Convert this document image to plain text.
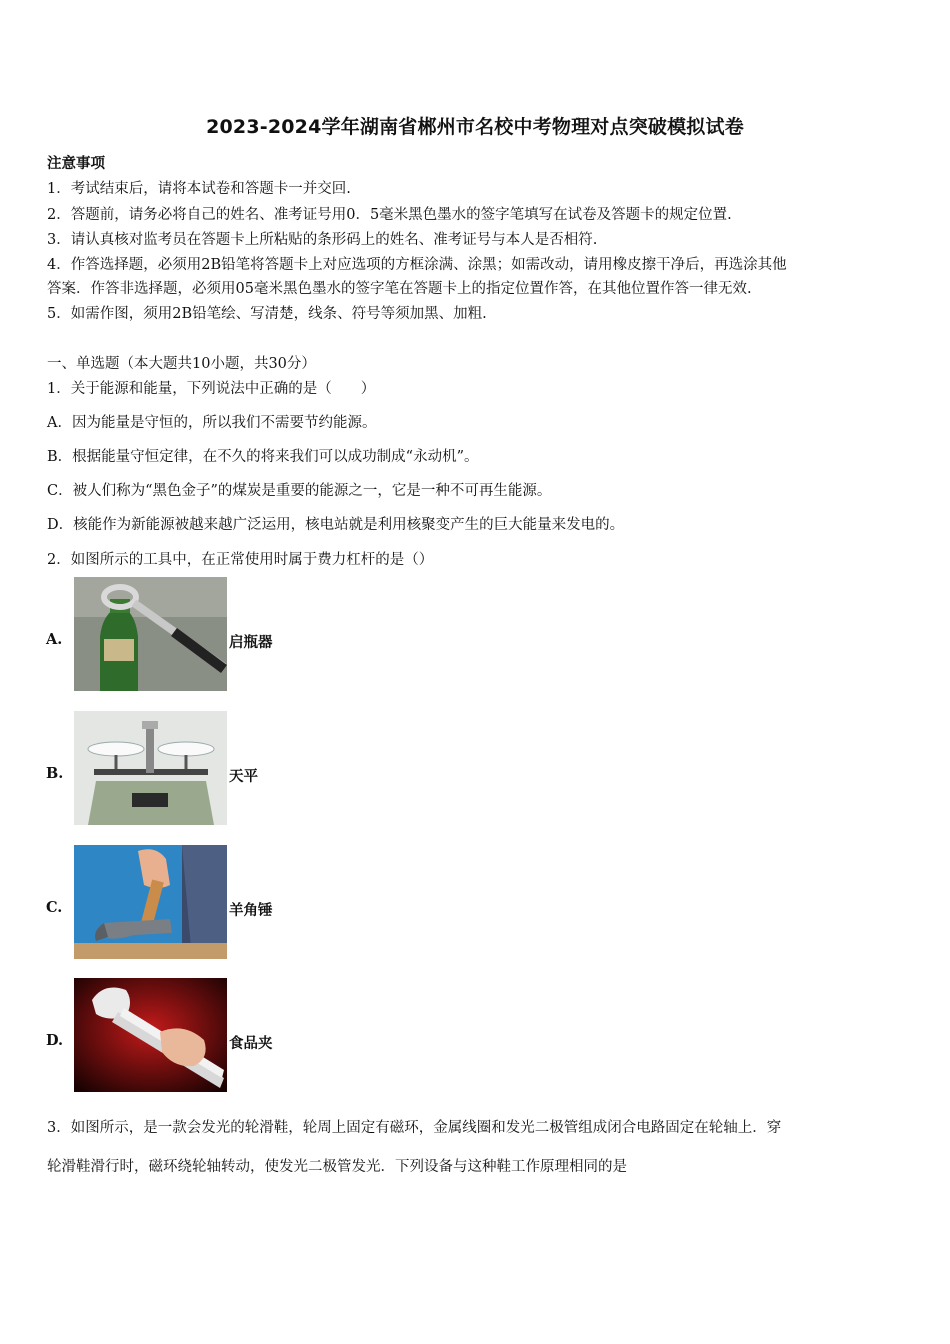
2023-2024学年湖南省郴州市名校中考物理对点突破模拟试卷
注意事项
1．考试结束后，请将本试卷和答题卡一并交回.
2．答题前，请务必将自己的姓名、准考证号用0．5毫米黑色墨水的签字笔填写在试卷及答题卡的规定位置.
3．请认真核对监考员在答题卡上所粘贴的条形码上的姓名、准考证号与本人是否相符.
4．作答选择题，必须用2B铅笔将答题卡上对应选项的方框涂满、涂黑；如需改动，请用橡皮擦干净后，再选涂其他
答案．作答非选择题，必须用05毫米黑色墨水的签字笔在答题卡上的指定位置作答，在其他位置作答一律无效.
5．如需作图，须用2B铅笔绘、写清楚，线条、符号等须加黑、加粗.
一、单选题（本大题共10小题，共30分）
1．关于能源和能量，下列说法中正确的是（　　）
A．因为能量是守恒的，所以我们不需要节约能源。
B．根据能量守恒定律，在不久的将来我们可以成功制成“永动机”。
C．被人们称为“黑色金子”的煤炭是重要的能源之一，它是一种不可再生能源。
D．核能作为新能源被越来越广泛运用，核电站就是利用核聚变产生的巨大能量来发电的。
2．如图所示的工具中，在正常使用时属于费力杠杆的是（）
A.	启瓶器
B.	天平
C.	羊角锤
D.	食品夹
3．如图所示，是一款会发光的轮滑鞋，轮周上固定有磁环，金属线圈和发光二极管组成闭合电路固定在轮轴上．穿
轮滑鞋滑行时，磁环绕轮轴转动，使发光二极管发光．下列设备与这种鞋工作原理相同的是
